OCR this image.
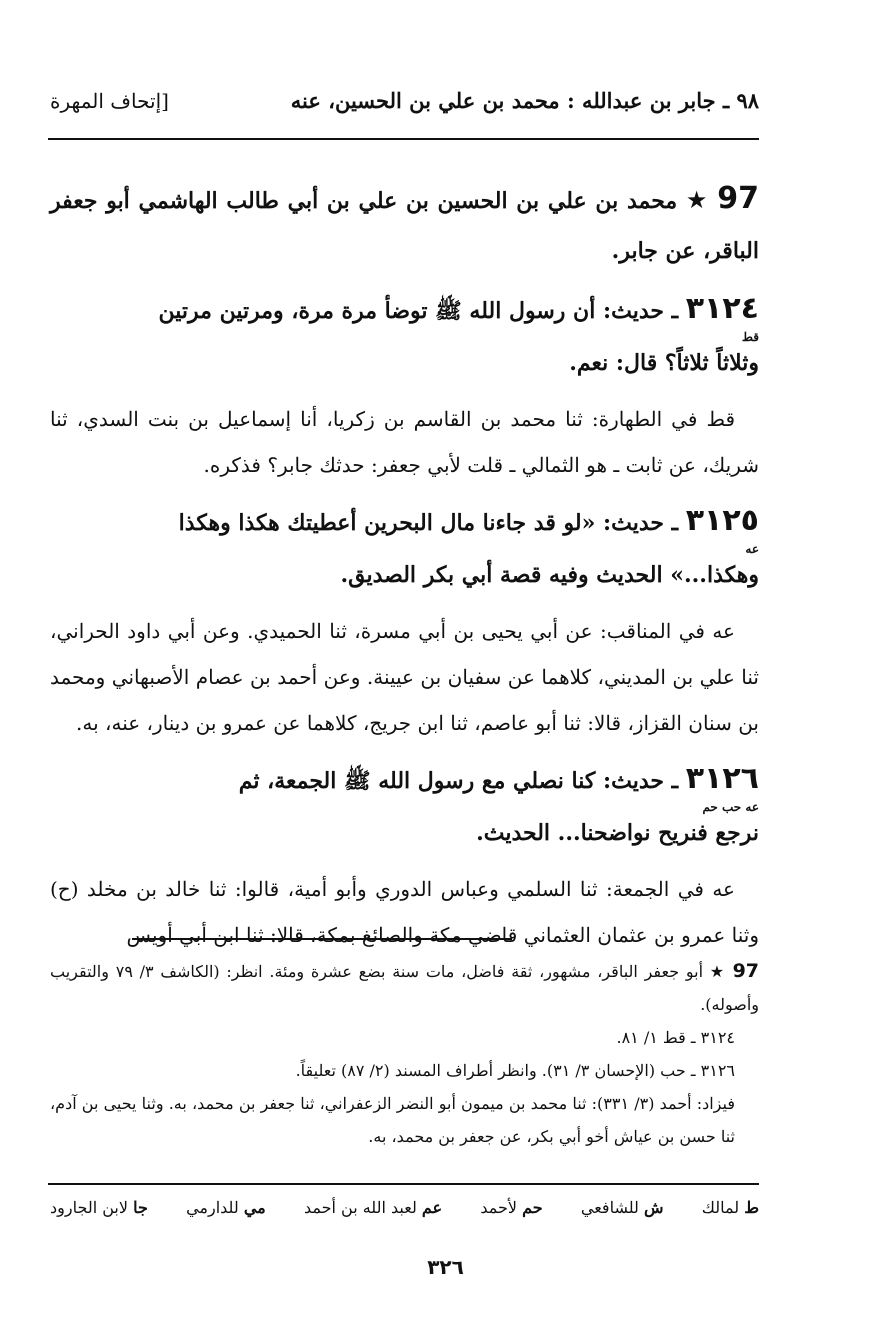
٩٨ ـ جابر بن عبدالله : محمد بن علي بن الحسين، عنه
[إتحاف المهرة

97 ★ محمد بن علي بن الحسين بن علي بن أبي طالب الهاشمي أبو جعفر الباقر، عن جابر.

٣١٢٤ ـ حديث: أن رسول الله ﷺ توضأ مرة مرة، ومرتين مرتين
قط
وثلاثاً ثلاثاً؟ قال: نعم.

قط في الطهارة: ثنا محمد بن القاسم بن زكريا، أنا إسماعيل بن بنت السدي، ثنا شريك، عن ثابت ـ هو الثمالي ـ قلت لأبي جعفر: حدثك جابر؟ فذكره.

٣١٢٥ ـ حديث: «لو قد جاءنا مال البحرين أعطيتك هكذا وهكذا
عه
وهكذا...» الحديث وفيه قصة أبي بكر الصديق.

عه في المناقب: عن أبي يحيى بن أبي مسرة، ثنا الحميدي. وعن أبي داود الحراني، ثنا علي بن المديني، كلاهما عن سفيان بن عيينة. وعن أحمد بن عصام الأصبهاني ومحمد بن سنان القزاز، قالا: ثنا أبو عاصم، ثنا ابن جريج، كلاهما عن عمرو بن دينار، عنه، به.

٣١٢٦ ـ حديث: كنا نصلي مع رسول الله ﷺ الجمعة، ثم
عه حب حم
نرجع فنريح نواضحنا... الحديث.

عه في الجمعة: ثنا السلمي وعباس الدوري وأبو أمية، قالوا: ثنا خالد بن مخلد (ح) وثنا عمرو بن عثمان العثماني قاضي مكة والصائغ بمكة، قالا: ثنا ابن أبي أويس

97 ★ أبو جعفر الباقر، مشهور، ثقة فاضل، مات سنة بضع عشرة ومئة. انظر: (الكاشف ٣/ ٧٩ والتقريب وأصوله).

٣١٢٤ ـ قط ١/ ٨١.

٣١٢٦ ـ حب (الإحسان ٣/ ٣١). وانظر أطراف المسند (٢/ ٨٧) تعليقاً.

فيزاد: أحمد (٣/ ٣٣١): ثنا محمد بن ميمون أبو النضر الزعفراني، ثنا جعفر بن محمد، به. وثنا يحيى بن آدم، ثنا حسن بن عياش أخو أبي بكر، عن جعفر بن محمد، به.

ط لمالك
ش للشافعي
حم لأحمد
عم لعبد الله بن أحمد
مي للدارمي
جا لابن الجارود
٣٢٦
